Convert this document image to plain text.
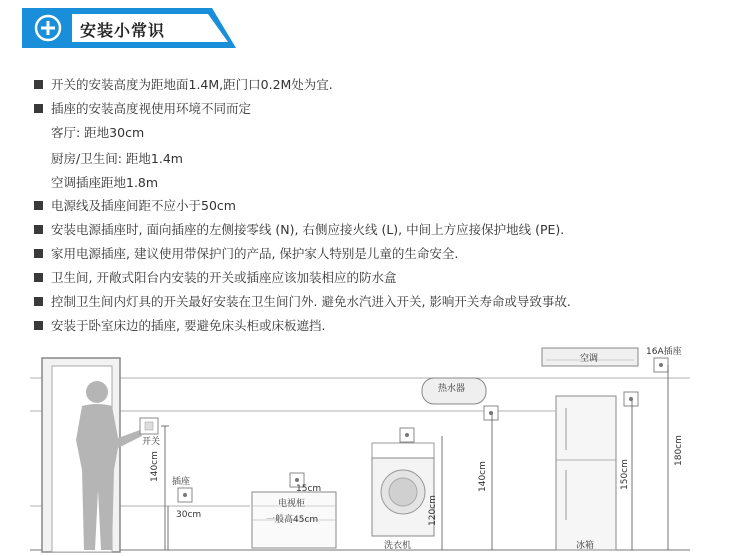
安装小常识
开关的安装高度为距地面1.4M,距门口0.2M处为宜.
插座的安装高度视使用环境不同而定
客厅: 距地30cm
厨房/卫生间: 距地1.4m
空调插座距地1.8m
电源线及插座间距不应小于50cm
安装电源插座时, 面向插座的左侧接零线 (N), 右侧应接火线 (L), 中间上方应接保护地线 (PE).
家用电源插座, 建议使用带保护门的产品, 保护家人特别是儿童的生命安全.
卫生间, 开敞式阳台内安装的开关或插座应该加装相应的防水盒
控制卫生间内灯具的开关最好安装在卫生间门外. 避免水汽进入开关, 影响开关寿命或导致事故.
安装于卧室床边的插座, 要避免床头柜或床板遮挡.
开关
插座
140cm
30cm
15cm
电视柜
一般高45cm
洗衣机
120cm
热水器
140cm
冰箱
150cm
空调
16A插座
180cm
